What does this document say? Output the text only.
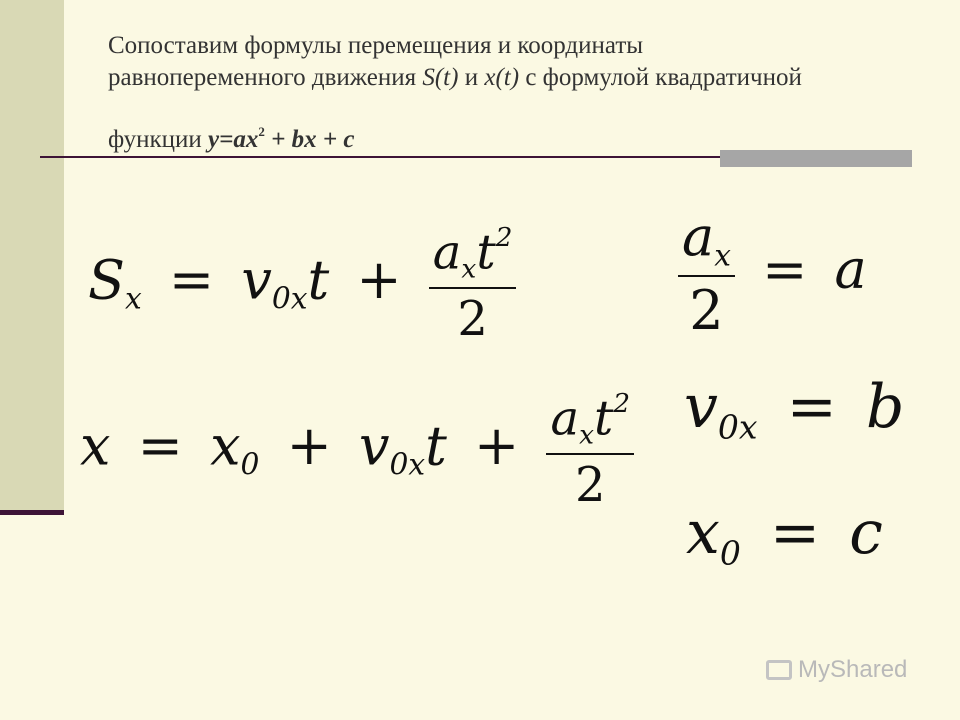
Сопоставим формулы перемещения и координаты
равнопеременного движения S(t) и x(t) с формулой квадратичной
функции $y=ax^2$ + bx + c
$S_x = v_{0x}t + \frac{a_xt^2}{2}$
$x = x_0 + v_{0x}t + \frac{a_xt^2}{2}$
$\frac{a_x}{2} = a$
$v_{0x} = b$
$x_0 = c$
MyShared
